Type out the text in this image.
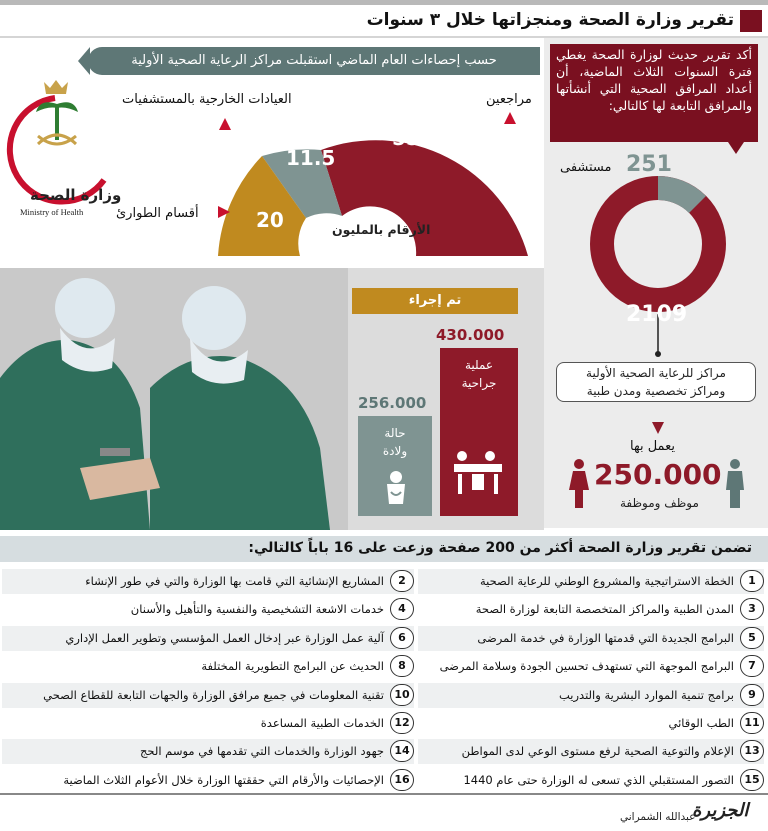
تقرير وزارة الصحة ومنجزاتها خلال ٣ سنوات
أكد تقرير حديث لوزارة الصحة يغطي فترة السنوات الثلاث الماضية، أن أعداد المرافق الصحية التي أنشأتها والمرافق التابعة لها كالتالي:
251
مستشفى
2109
مراكز للرعاية الصحية الأولية
ومراكز تخصصية ومدن طبية
يعمل بها
250.000
موظف وموظفة
حسب إحصاءات العام الماضي استقبلت مراكز الرعاية الصحية الأولية
55
11.5
20	الأرقام بالمليون
مراجعين
العيادات الخارجية بالمستشفيات
أقسام الطوارئ
وزارة الصحة
Ministry of Health
تم إجراء
430.000
عملية
جراحية
256.000
حالة
ولادة
تضمن تقرير وزارة الصحة أكثر من 200 صفحة وزعت على 16 باباً كالتالي:
1
الخطة الاستراتيجية والمشروع الوطني للرعاية الصحية
2
المشاريع الإنشائية التي قامت بها الوزارة والتي في طور الإنشاء
3
المدن الطبية والمراكز المتخصصة التابعة لوزارة الصحة
4
خدمات الاشعة التشخيصية والنفسية والتأهيل والأسنان
5
البرامج الجديدة التي قدمتها الوزارة في خدمة المرضى
6
آلية عمل الوزارة عبر إدخال العمل المؤسسي وتطوير العمل الإداري
7
البرامج الموجهة التي تستهدف تحسين الجودة وسلامة المرضى
8
الحديث عن البرامج التطويرية المختلفة
9
برامج تنمية الموارد البشرية والتدريب
10
تقنية المعلومات في جميع مرافق الوزارة والجهات التابعة للقطاع الصحي
11
الطب الوقائي
12
الخدمات الطبية المساعدة
13
الإعلام والتوعية الصحية لرفع مستوى الوعي لدى المواطن
14
جهود الوزارة والخدمات التي تقدمها في موسم الحج
15
التصور المستقبلي الذي تسعى له الوزارة حتى عام 1440
16
الإحصائيات والأرقام التي حققتها الوزارة خلال الأعوام الثلاث الماضية
الجزيرة
عبدالله الشمراني
